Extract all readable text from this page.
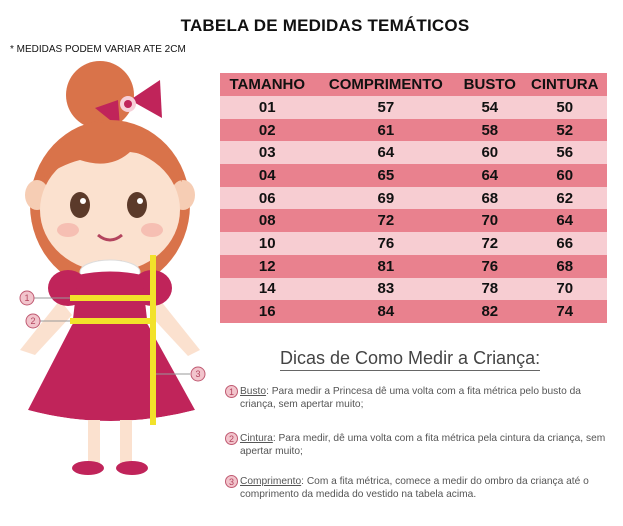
TABELA DE MEDIDAS TEMÁTICOS
* MEDIDAS PODEM VARIAR ATE 2CM
1
2
3
TAMANHO	COMPRIMENTO	BUSTO	CINTURA
01	57	54	50
02	61	58	52
03	64	60	56
04	65	64	60
06	69	68	62
08	72	70	64
10	76	72	66
12	81	76	68
14	83	78	70
16	84	82	74
Dicas de Como Medir a Criança:
1 Busto: Para medir a Princesa dê uma volta com a fita métrica pelo busto da criança, sem apertar muito;
2 Cintura: Para medir, dê uma volta com a fita métrica pela cintura da criança, sem apertar muito;
3 Comprimento: Com a fita métrica, comece a medir do ombro da criança até o comprimento da medida do vestido na tabela acima.
